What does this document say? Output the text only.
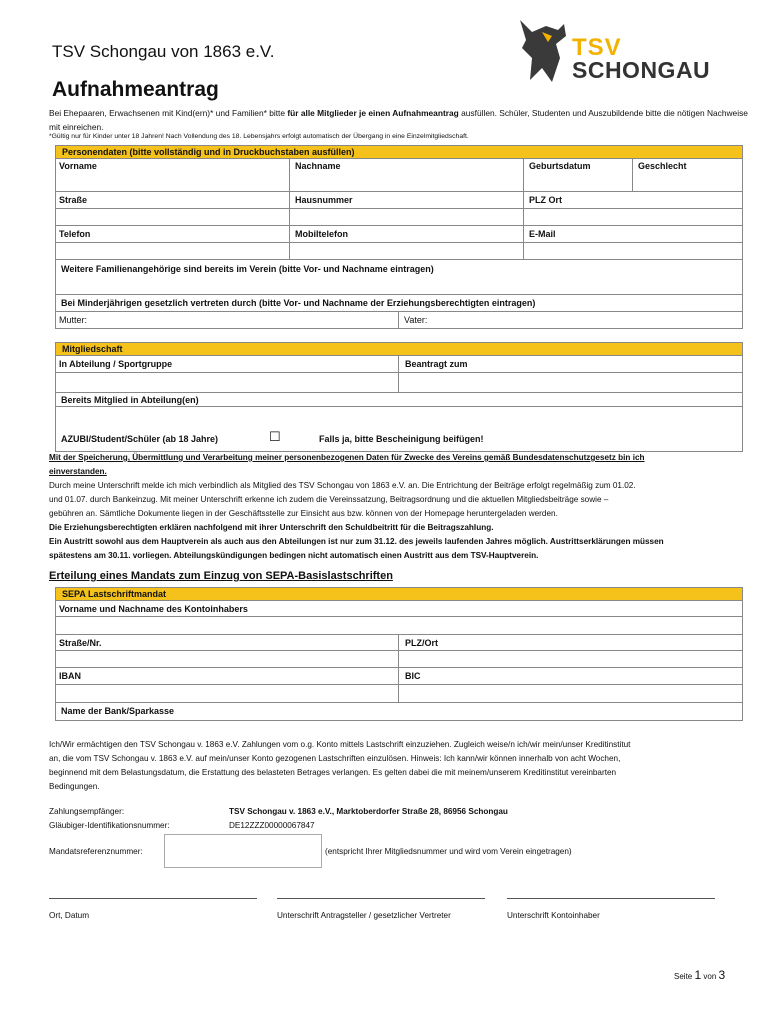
TSV Schongau von 1863 e.V.	TSV
SCHONGAU
Aufnahmeantrag
Bei Ehepaaren, Erwachsenen mit Kind(ern)* und Familien* bitte für alle Mitglieder je einen Aufnahmeantrag ausfüllen. Schüler, Studenten und Auszubildende bitte die nötigen Nachweise mit einreichen.
*Gültig nur für Kinder unter 18 Jahren! Nach Vollendung des 18. Lebensjahrs erfolgt automatisch der Übergang in eine Einzelmitgliedschaft.
Personendaten (bitte vollständig und in Druckbuchstaben ausfüllen)
Vorname	Nachname	Geburtsdatum	Geschlecht
Straße	Hausnummer	PLZ Ort
Telefon	Mobiltelefon	E-Mail
Weitere Familienangehörige sind bereits im Verein (bitte Vor- und Nachname eintragen)
Bei Minderjährigen gesetzlich vertreten durch (bitte Vor- und Nachname der Erziehungsberechtigten eintragen)
Mutter:	Vater:
Mitgliedschaft
In Abteilung / Sportgruppe	Beantragt zum
Bereits Mitglied in Abteilung(en)
AZUBI/Student/Schüler (ab 18 Jahre)	☐	Falls ja, bitte Bescheinigung beifügen!
Mit der Speicherung, Übermittlung und Verarbeitung meiner personenbezogenen Daten für Zwecke des Vereins gemäß Bundesdatenschutzgesetz bin ich
einverstanden.
Durch meine Unterschrift melde ich mich verbindlich als Mitglied des TSV Schongau von 1863 e.V. an. Die Entrichtung der Beiträge erfolgt regelmäßig zum 01.02.
und 01.07. durch Bankeinzug. Mit meiner Unterschrift erkenne ich zudem die Vereinssatzung, Beitragsordnung und die aktuellen Mitgliedsbeiträge sowie –
gebühren an. Sämtliche Dokumente liegen in der Geschäftsstelle zur Einsicht aus bzw. können von der Homepage heruntergeladen werden.
Die Erziehungsberechtigten erklären nachfolgend mit ihrer Unterschrift den Schuldbeitritt für die Beitragszahlung.
Ein Austritt sowohl aus dem Hauptverein als auch aus den Abteilungen ist nur zum 31.12. des jeweils laufenden Jahres möglich. Austrittserklärungen müssen
spätestens am 30.11. vorliegen. Abteilungskündigungen bedingen nicht automatisch einen Austritt aus dem TSV-Hauptverein.
Erteilung eines Mandats zum Einzug von SEPA-Basislastschriften
SEPA Lastschriftmandat
Vorname und Nachname des Kontoinhabers
Straße/Nr.	PLZ/Ort
IBAN	BIC
Name der Bank/Sparkasse
Ich/Wir ermächtigen den TSV Schongau v. 1863 e.V. Zahlungen vom o.g. Konto mittels Lastschrift einzuziehen. Zugleich weise/n ich/wir mein/unser Kreditinstitut
an, die vom TSV Schongau v. 1863 e.V. auf mein/unser Konto gezogenen Lastschriften einzulösen. Hinweis: Ich kann/wir können innerhalb von acht Wochen,
beginnend mit dem Belastungsdatum, die Erstattung des belasteten Betrages verlangen. Es gelten dabei die mit meinem/unserem Kreditinstitut vereinbarten
Bedingungen.
Zahlungsempfänger:	TSV Schongau v. 1863 e.V., Marktoberdorfer Straße 28, 86956 Schongau
Gläubiger-Identifikationsnummer:	DE12ZZZ00000067847
Mandatsreferenznummer:	(entspricht Ihrer Mitgliedsnummer und wird vom Verein eingetragen)
Ort, Datum	Unterschrift Antragsteller / gesetzlicher Vertreter	Unterschrift Kontoinhaber
Seite 1 von 3
